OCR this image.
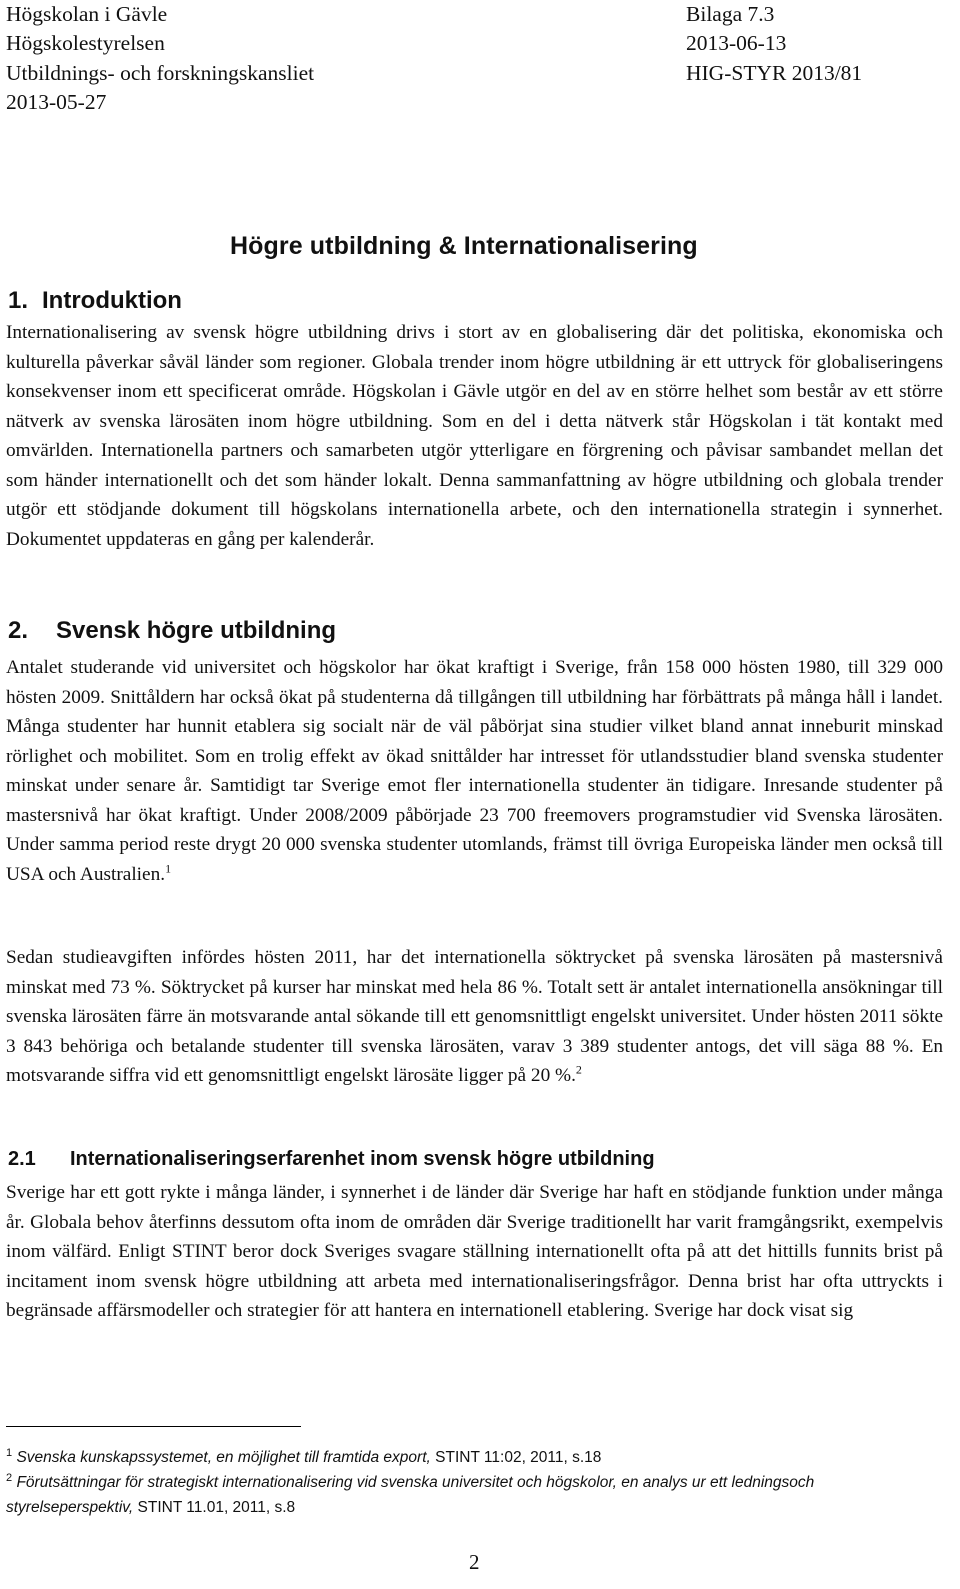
Högskolan i Gävle
Högskolestyrelsen
Utbildnings- och forskningskansliet
2013-05-27
Bilaga 7.3
2013-06-13
HIG-STYR 2013/81
Högre utbildning & Internationalisering
1. Introduktion

Internationalisering av svensk högre utbildning drivs i stort av en globalisering där det politiska, ekonomiska och kulturella påverkar såväl länder som regioner. Globala trender inom högre utbildning är ett uttryck för globaliseringens konsekvenser inom ett specificerat område. Högskolan i Gävle utgör en del av en större helhet som består av ett större nätverk av svenska lärosäten inom högre utbildning. Som en del i detta nätverk står Högskolan i tät kontakt med omvärlden. Internationella partners och samarbeten utgör ytterligare en förgrening och påvisar sambandet mellan det som händer internationellt och det som händer lokalt. Denna sammanfattning av högre utbildning och globala trender utgör ett stödjande dokument till högskolans internationella arbete, och den internationella strategin i synnerhet. Dokumentet uppdateras en gång per kalenderår.

2. Svensk högre utbildning

Antalet studerande vid universitet och högskolor har ökat kraftigt i Sverige, från 158 000 hösten 1980, till 329 000 hösten 2009. Snittåldern har också ökat på studenterna då tillgången till utbildning har förbättrats på många håll i landet. Många studenter har hunnit etablera sig socialt när de väl påbörjat sina studier vilket bland annat inneburit minskad rörlighet och mobilitet. Som en trolig effekt av ökad snittålder har intresset för utlandsstudier bland svenska studenter minskat under senare år. Samtidigt tar Sverige emot fler internationella studenter än tidigare. Inresande studenter på mastersnivå har ökat kraftigt. Under 2008/2009 påbörjade 23 700 freemovers programstudier vid Svenska lärosäten. Under samma period reste drygt 20 000 svenska studenter utomlands, främst till övriga Europeiska länder men också till USA och Australien.$^1$

Sedan studieavgiften infördes hösten 2011, har det internationella söktrycket på svenska lärosäten på mastersnivå minskat med 73 %. Söktrycket på kurser har minskat med hela 86 %. Totalt sett är antalet internationella ansökningar till svenska lärosäten färre än motsvarande antal sökande till ett genomsnittligt engelskt universitet. Under hösten 2011 sökte 3 843 behöriga och betalande studenter till svenska lärosäten, varav 3 389 studenter antogs, det vill säga 88 %. En motsvarande siffra vid ett genomsnittligt engelskt lärosäte ligger på 20 %.$^2$

2.1 Internationaliseringserfarenhet inom svensk högre utbildning

Sverige har ett gott rykte i många länder, i synnerhet i de länder där Sverige har haft en stödjande funktion under många år. Globala behov återfinns dessutom ofta inom de områden där Sverige traditionellt har varit framgångsrikt, exempelvis inom välfärd. Enligt STINT beror dock Sveriges svagare ställning internationellt ofta på att det hittills funnits brist på incitament inom svensk högre utbildning att arbeta med internationaliseringsfrågor. Denna brist har ofta uttryckts i begränsade affärsmodeller och strategier för att hantera en internationell etablering. Sverige har dock visat sig

$^1$ Svenska kunskapssystemet, en möjlighet till framtida export, STINT 11:02, 2011, s.18
$^2$ Förutsättningar för strategiskt internationalisering vid svenska universitet och högskolor, en analys ur ett ledningsoch styrelseperspektiv, STINT 11.01, 2011, s.8
2
